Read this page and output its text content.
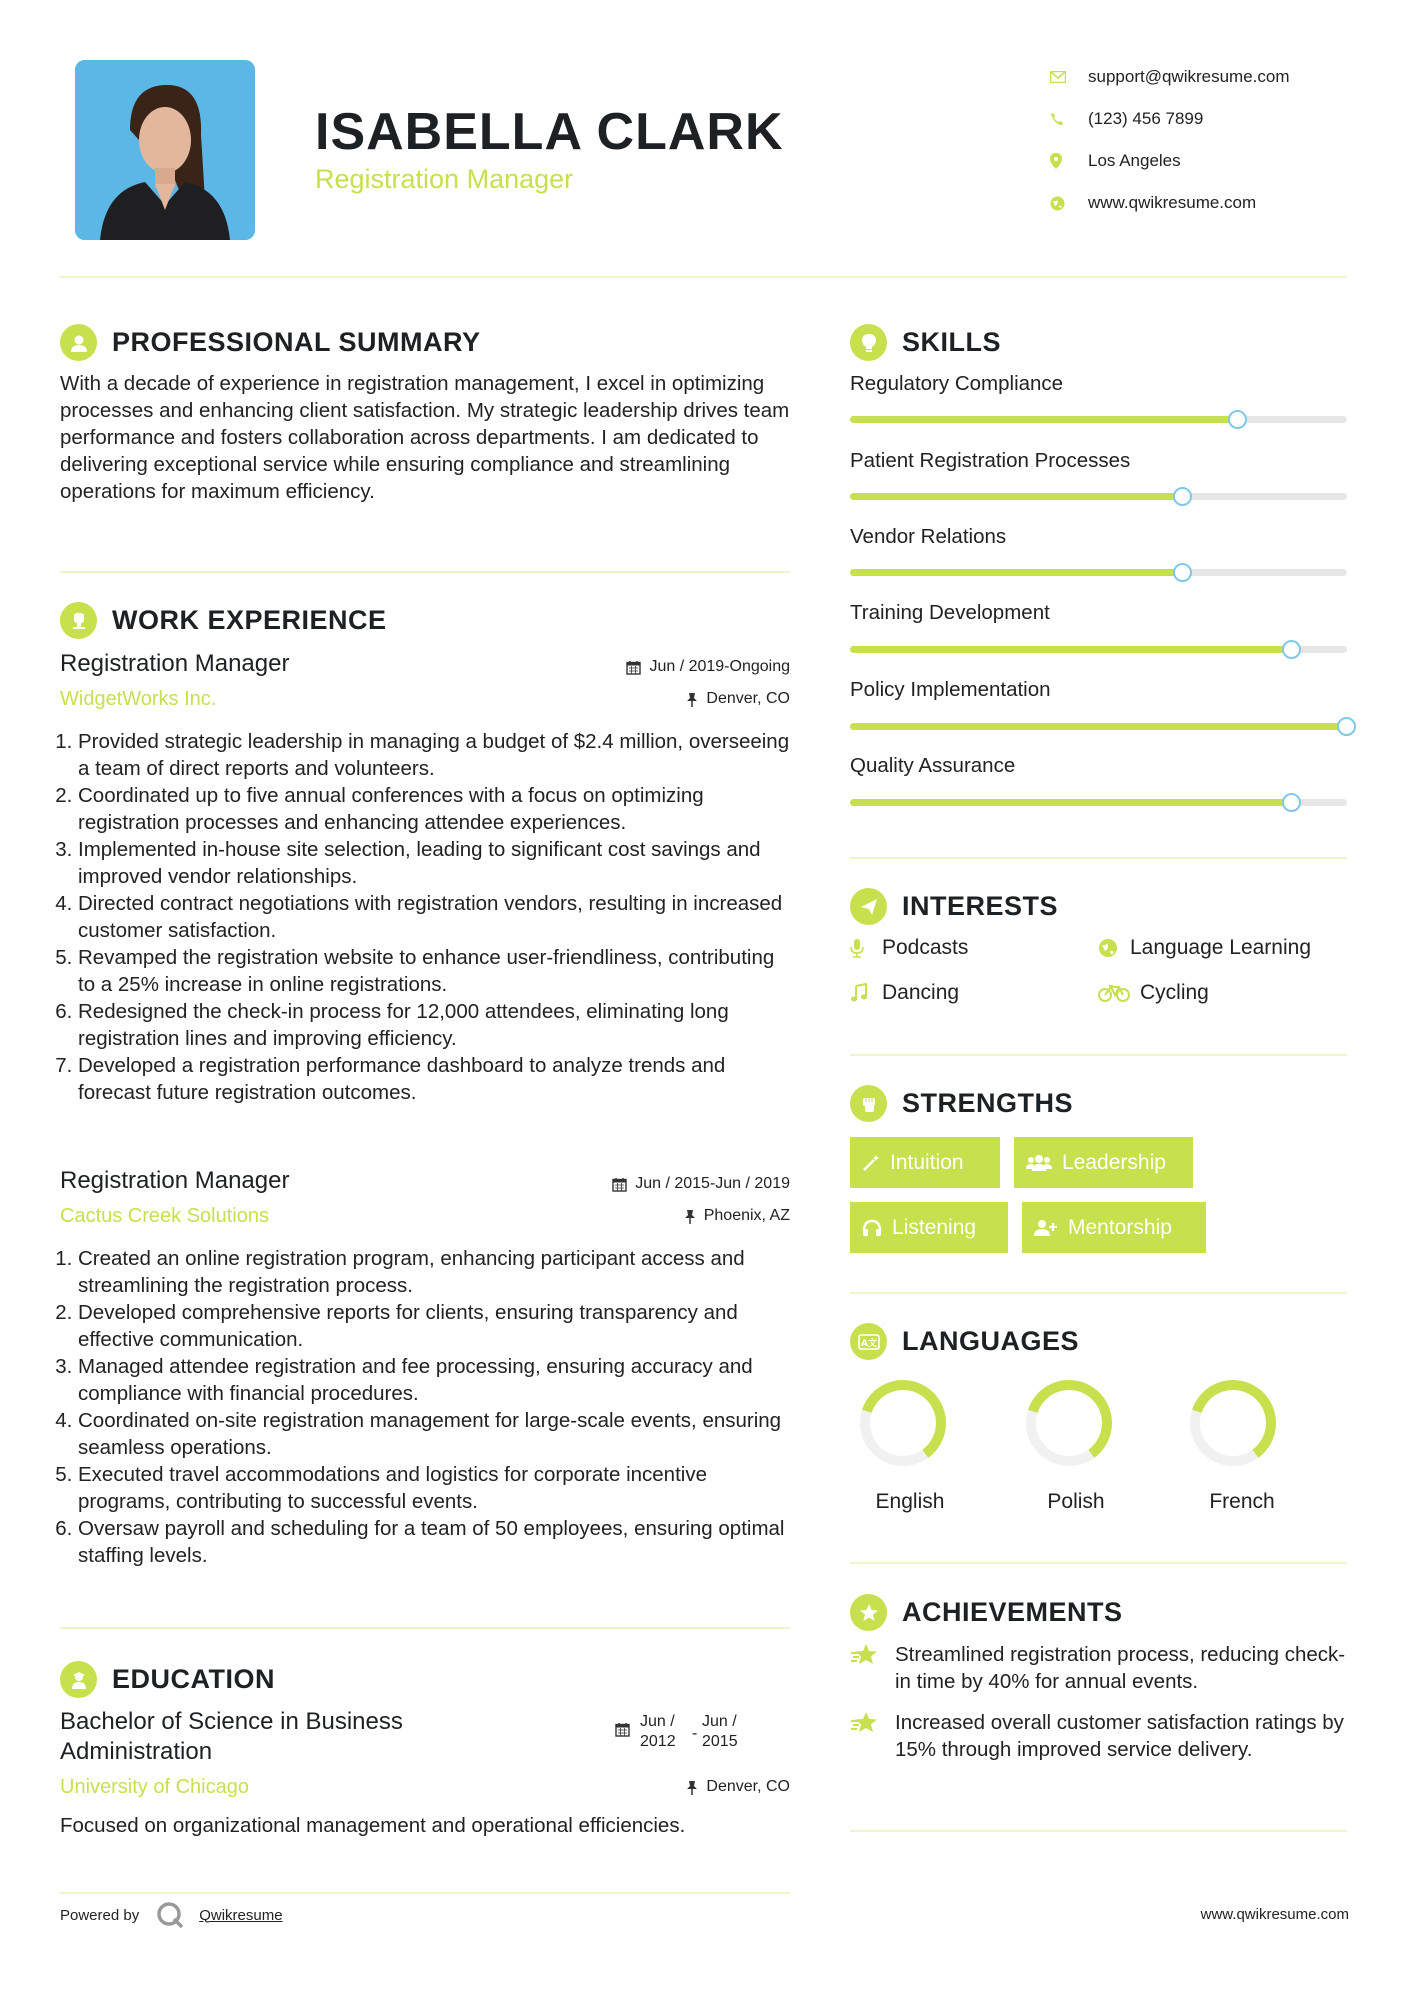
ISABELLA CLARK
Registration Manager
support@qwikresume.com
(123) 456 7899
Los Angeles
www.qwikresume.com
PROFESSIONAL SUMMARY
With a decade of experience in registration management, I excel in optimizing processes and enhancing client satisfaction. My strategic leadership drives team performance and fosters collaboration across departments. I am dedicated to delivering exceptional service while ensuring compliance and streamlining operations for maximum efficiency.
WORK EXPERIENCE
Registration Manager
WidgetWorks Inc.
Jun / 2019-Ongoing
Denver, CO
1. Provided strategic leadership in managing a budget of $2.4 million, overseeing a team of direct reports and volunteers.
2. Coordinated up to five annual conferences with a focus on optimizing registration processes and enhancing attendee experiences.
3. Implemented in-house site selection, leading to significant cost savings and improved vendor relationships.
4. Directed contract negotiations with registration vendors, resulting in increased customer satisfaction.
5. Revamped the registration website to enhance user-friendliness, contributing to a 25% increase in online registrations.
6. Redesigned the check-in process for 12,000 attendees, eliminating long registration lines and improving efficiency.
7. Developed a registration performance dashboard to analyze trends and forecast future registration outcomes.
Registration Manager
Cactus Creek Solutions
Jun / 2015-Jun / 2019
Phoenix, AZ
1. Created an online registration program, enhancing participant access and streamlining the registration process.
2. Developed comprehensive reports for clients, ensuring transparency and effective communication.
3. Managed attendee registration and fee processing, ensuring accuracy and compliance with financial procedures.
4. Coordinated on-site registration management for large-scale events, ensuring seamless operations.
5. Executed travel accommodations and logistics for corporate incentive programs, contributing to successful events.
6. Oversaw payroll and scheduling for a team of 50 employees, ensuring optimal staffing levels.
EDUCATION
Bachelor of Science in Business Administration
Jun /
2012	-
Jun /
2015
University of Chicago	Denver, CO
Focused on organizational management and operational efficiencies.
SKILLS
Regulatory Compliance
Patient Registration Processes
Vendor Relations
Training Development
Policy Implementation
Quality Assurance
INTERESTS
Podcasts	Language Learning
Dancing	Cycling
STRENGTHS
Intuition	Leadership
Listening	Mentorship
A文 LANGUAGES
English	Polish	French
ACHIEVEMENTS
Streamlined registration process, reducing check-in time by 40% for annual events.
Increased overall customer satisfaction ratings by 15% through improved service delivery.
Powered by	Qwikresume	www.qwikresume.com
